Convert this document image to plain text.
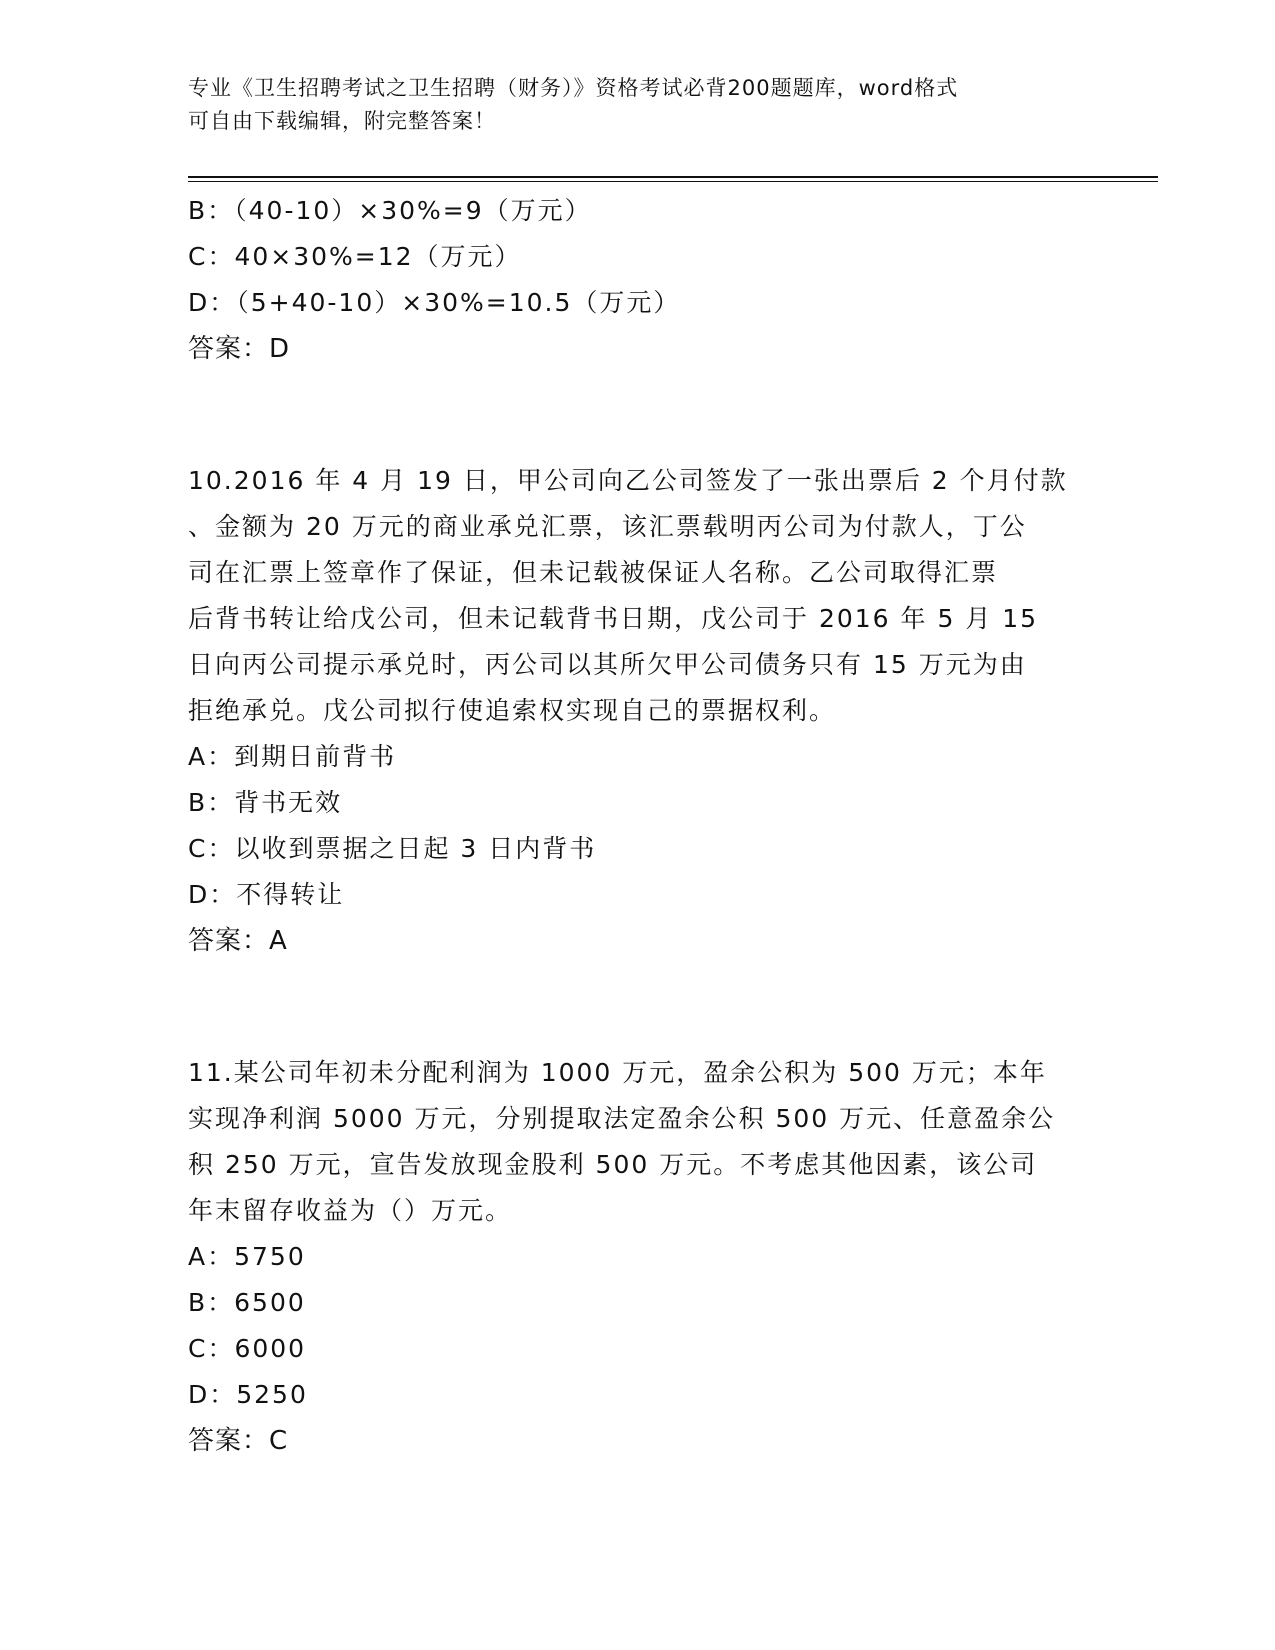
专业《卫生招聘考试之卫生招聘（财务）》资格考试必背200题题库，word格式
可自由下载编辑，附完整答案！
B：（40-10）×30%=9（万元）
C：40×30%=12（万元）
D：（5+40-10）×30%=10.5（万元）
答案：D
10.2016 年 4 月 19 日，甲公司向乙公司签发了一张出票后 2 个月付款
、金额为 20 万元的商业承兑汇票，该汇票载明丙公司为付款人，丁公
司在汇票上签章作了保证，但未记载被保证人名称。乙公司取得汇票
后背书转让给戊公司，但未记载背书日期，戊公司于 2016 年 5 月 15
日向丙公司提示承兑时，丙公司以其所欠甲公司债务只有 15 万元为由
拒绝承兑。戊公司拟行使追索权实现自己的票据权利。
A：到期日前背书
B：背书无效
C：以收到票据之日起 3 日内背书
D：不得转让
答案：A
11.某公司年初未分配利润为 1000 万元，盈余公积为 500 万元；本年
实现净利润 5000 万元，分别提取法定盈余公积 500 万元、任意盈余公
积 250 万元，宣告发放现金股利 500 万元。不考虑其他因素，该公司
年末留存收益为（）万元。
A：5750
B：6500
C：6000
D：5250
答案：C
